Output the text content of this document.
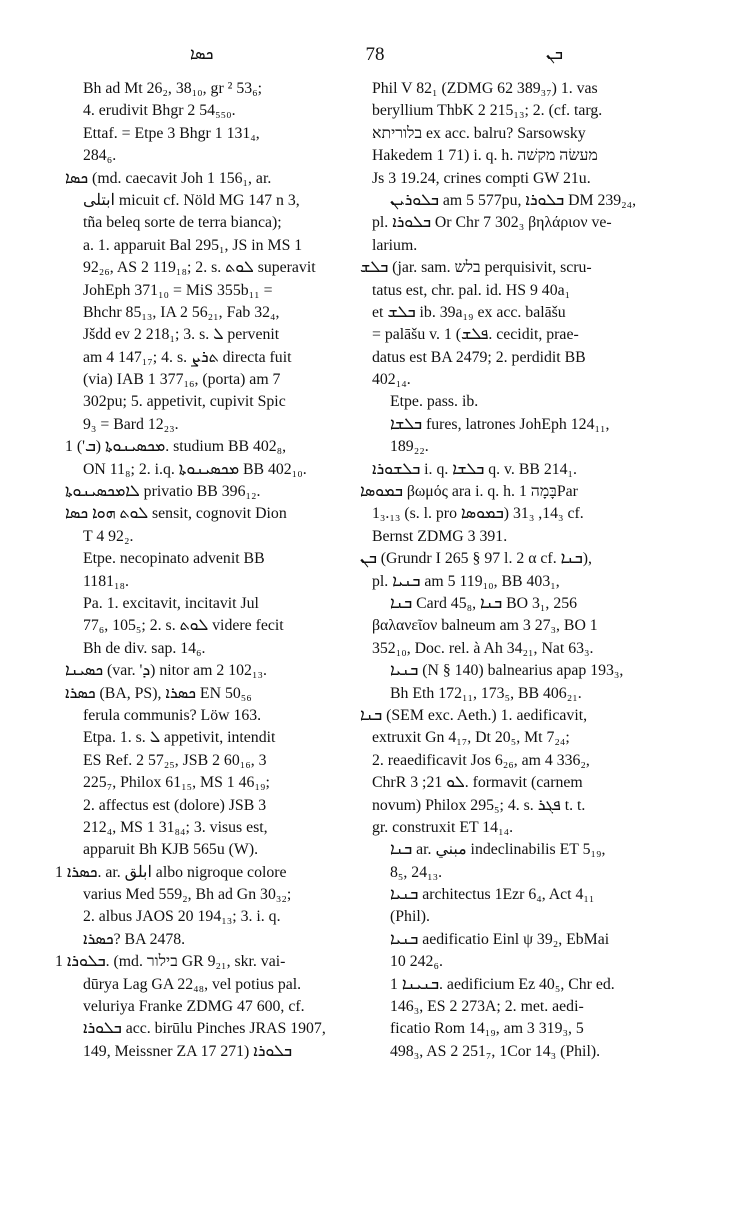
ܟܣܐ	78	ܒܢ
Bh ad Mt 26₂, 38₁₀, gr ² 53₆;
4. erudivit Bhgr 2 54₅₅₀.
Ettaf. = Etpe 3 Bhgr 1 131₄,
284₆.
ܟܣܐ (md. caecavit Joh 1 156₁, ar.
ابتلى micuit cf. Nöld MG 147 n 3,
tña beleq sorte de terra bianca);
a. 1. apparuit Bal 295₁, JS in MS 1
92₂₆, AS 2 119₁₈; 2. s. ܠܘܬ superavit
JohEph 371₁₀ = MiS 355b₁₁ =
Bhchr 85₁₃, IA 2 56₂₁, Fab 32₄,
Jšdd ev 2 218₁; 3. s. ܠ pervenit
am 4 147₁₇; 4. s. ܬܪܨ directa fuit
(via) IAB 1 377₁₆, (porta) am 7
302pu; 5. appetivit, cupivit Spic
9₃ = Bard 12₂₃.
ܡܟܣܝܢܘܬܐ (ܒ') 1. studium BB 402₈,
ON 11₈; 2. i.q. ܡܟܣܝܢܘܬܐ BB 402₁₀.
ܠܐܡܟܣܝܢܘܬܐ privatio BB 396₁₂.
ܠܘܬ ܗܘܐ ܟܣܐ sensit, cognovit Dion
T 4 92₂.
Etpe. necopinato advenit BB
1181₁₈.
Pa. 1. excitavit, incitavit Jul
77₆, 105₅; 2. s. ܠܘܬ videre fecit
Bh de div. sap. 14₆.
ܟܣܝܢܐ (var. 'ܕ) nitor am 2 102₁₃.
ܟܣܪܐ (BA, PS), ܟܣܪܐ EN 50₅₆
ferula communis? Löw 163.
Etpa. 1. s. ܠ appetivit, intendit
ES Ref. 2 57₂₅, JSB 2 60₁₆, 3
225₇, Philox 61₁₅, MS 1 46₁₉;
2. affectus est (dolore) JSB 3
212₄, MS 1 31₈₄; 3. visus est,
apparuit Bh KJB 565u (W).
ܟܣܪܐ 1. ar. ابلق albo nigroque colore
varius Med 559₂, Bh ad Gn 30₃₂;
2. albus JAOS 20 194₁₃; 3. i. q.
ܟܣܪܐ? BA 2478.
ܒܠܘܪܐ 1. (md. בילור GR 9₂₁, skr. vai-
dūrya Lag GA 22₄₈, vel potius pal.
veluriya Franke ZDMG 47 600, cf.
ܒܠܘܪܐ acc. birūlu Pinches JRAS 1907,
149, Meissner ZA 17 271) ܒܠܘܪܐ
Phil V 82₁ (ZDMG 62 389₃₇) 1. vas
beryllium ThbK 2 215₁₃; 2. (cf. targ.
בלוריתא ex acc. balru? Sarsowsky
Hakedem 1 71) i. q. h. מעשׂה מקשׁה
Js 3 19.24, crines compti GW 21u.
ܒܠܘܪܝܢ am 5 577pu, ܒܠܘܪܐ DM 239₂₄,
pl. ܒܠܘܪܐ Or Chr 7 302₃ βηλάριον ve-
larium.
ܒܠܫ (jar. sam. בלש perquisivit, scru-
tatus est, chr. pal. id. HS 9 40a₁
et ܒܠܫ ib. 39a₁₉ ex acc. balāšu
= palāšu v. ܦܠܫ) 1. cecidit, prae-
datus est BA 2479; 2. perdidit BB
402₁₄.
Etpe. pass. ib.
ܒܠܫܐ fures, latrones JohEph 124₁₁,
189₂₂.
ܒܠܫܘܪܐ i. q. ܒܠܫܐ q. v. BB 214₁.
ܒܡܘܣܐ βωμός ara i. q. h. בָּמָה 1Par
1₃.₁₃ (s. l. pro ܒܡܘܣܐ) 14₃, 31₃ cf.
Bernst ZDMG 3 391.
ܒܢ (Grundr I 265 § 97 l. 2 α cf. ܒܢܐ),
pl. ܒܢܝܐ am 5 119₁₀, BB 403₁,
ܒܢܐ Card 45₈, ܒܢܐ BO 3₁, 256
βαλανεῖον balneum am 3 27₃, BO 1
352₁₀, Doc. rel. à Ah 34₂₁, Nat 63₃.
ܒܢܝܐ (N § 140) balnearius apap 193₃,
Bh Eth 172₁₁, 173₅, BB 406₂₁.
ܒܢܐ (SEM exc. Aeth.) 1. aedificavit,
extruxit Gn 4₁₇, Dt 20₅, Mt 7₂₄;
2. reaedificavit Jos 6₂₆, am 4 336₂,
ChrR ܠܘ 21; 3. formavit (carnem
novum) Philox 295₅; 4. s. ܦܓܪ t. t.
gr. construxit ET 14₁₄.
ܒܢܐ ar. مبني indeclinabilis ET 5₁₉,
8₅, 24₁₃.
ܒܢܝܐ architectus 1Ezr 6₄, Act 4₁₁
(Phil).
ܒܢܝܐ aedificatio Einl ψ 39₂, EbMai
10 242₆.
ܒܢܝܢܐ 1. aedificium Ez 40₅, Chr ed.
146₃, ES 2 273A; 2. met. aedi-
ficatio Rom 14₁₉, am 3 319₃, 5
498₃, AS 2 251₇, 1Cor 14₃ (Phil).
